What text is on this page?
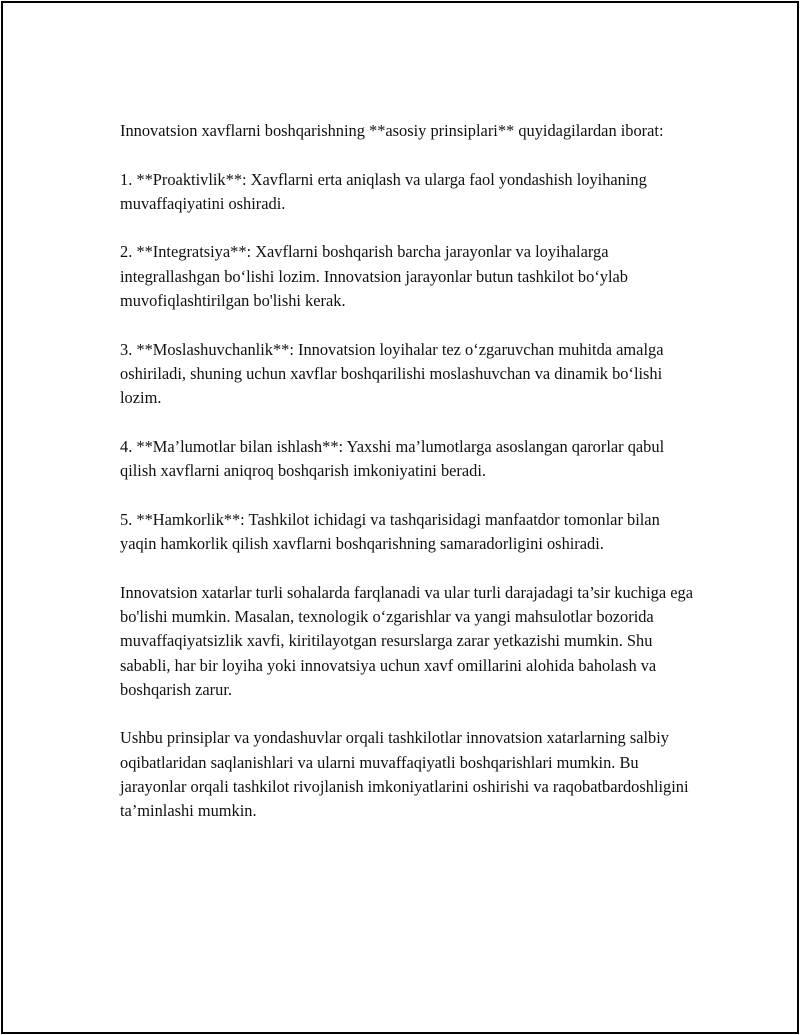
Innovatsion xavflarni boshqarishning **asosiy prinsiplari** quyidagilardan iborat:

1. **Proaktivlik**: Xavflarni erta aniqlash va ularga faol yondashish loyihaning muvaffaqiyatini oshiradi.

2. **Integratsiya**: Xavflarni boshqarish barcha jarayonlar va loyihalarga integrallashgan bo‘lishi lozim. Innovatsion jarayonlar butun tashkilot bo‘ylab muvofiqlashtirilgan bo'lishi kerak.

3. **Moslashuvchanlik**: Innovatsion loyihalar tez o‘zgaruvchan muhitda amalga oshiriladi, shuning uchun xavflar boshqarilishi moslashuvchan va dinamik bo‘lishi lozim.

4. **Ma’lumotlar bilan ishlash**: Yaxshi ma’lumotlarga asoslangan qarorlar qabul qilish xavflarni aniqroq boshqarish imkoniyatini beradi.

5. **Hamkorlik**: Tashkilot ichidagi va tashqarisidagi manfaatdor tomonlar bilan yaqin hamkorlik qilish xavflarni boshqarishning samaradorligini oshiradi.

Innovatsion xatarlar turli sohalarda farqlanadi va ular turli darajadagi ta’sir kuchiga ega bo'lishi mumkin. Masalan, texnologik o‘zgarishlar va yangi mahsulotlar bozorida muvaffaqiyatsizlik xavfi, kiritilayotgan resurslarga zarar yetkazishi mumkin. Shu sababli, har bir loyiha yoki innovatsiya uchun xavf omillarini alohida baholash va boshqarish zarur.

Ushbu prinsiplar va yondashuvlar orqali tashkilotlar innovatsion xatarlarning salbiy oqibatlaridan saqlanishlari va ularni muvaffaqiyatli boshqarishlari mumkin. Bu jarayonlar orqali tashkilot rivojlanish imkoniyatlarini oshirishi va raqobatbardoshligini ta’minlashi mumkin.
